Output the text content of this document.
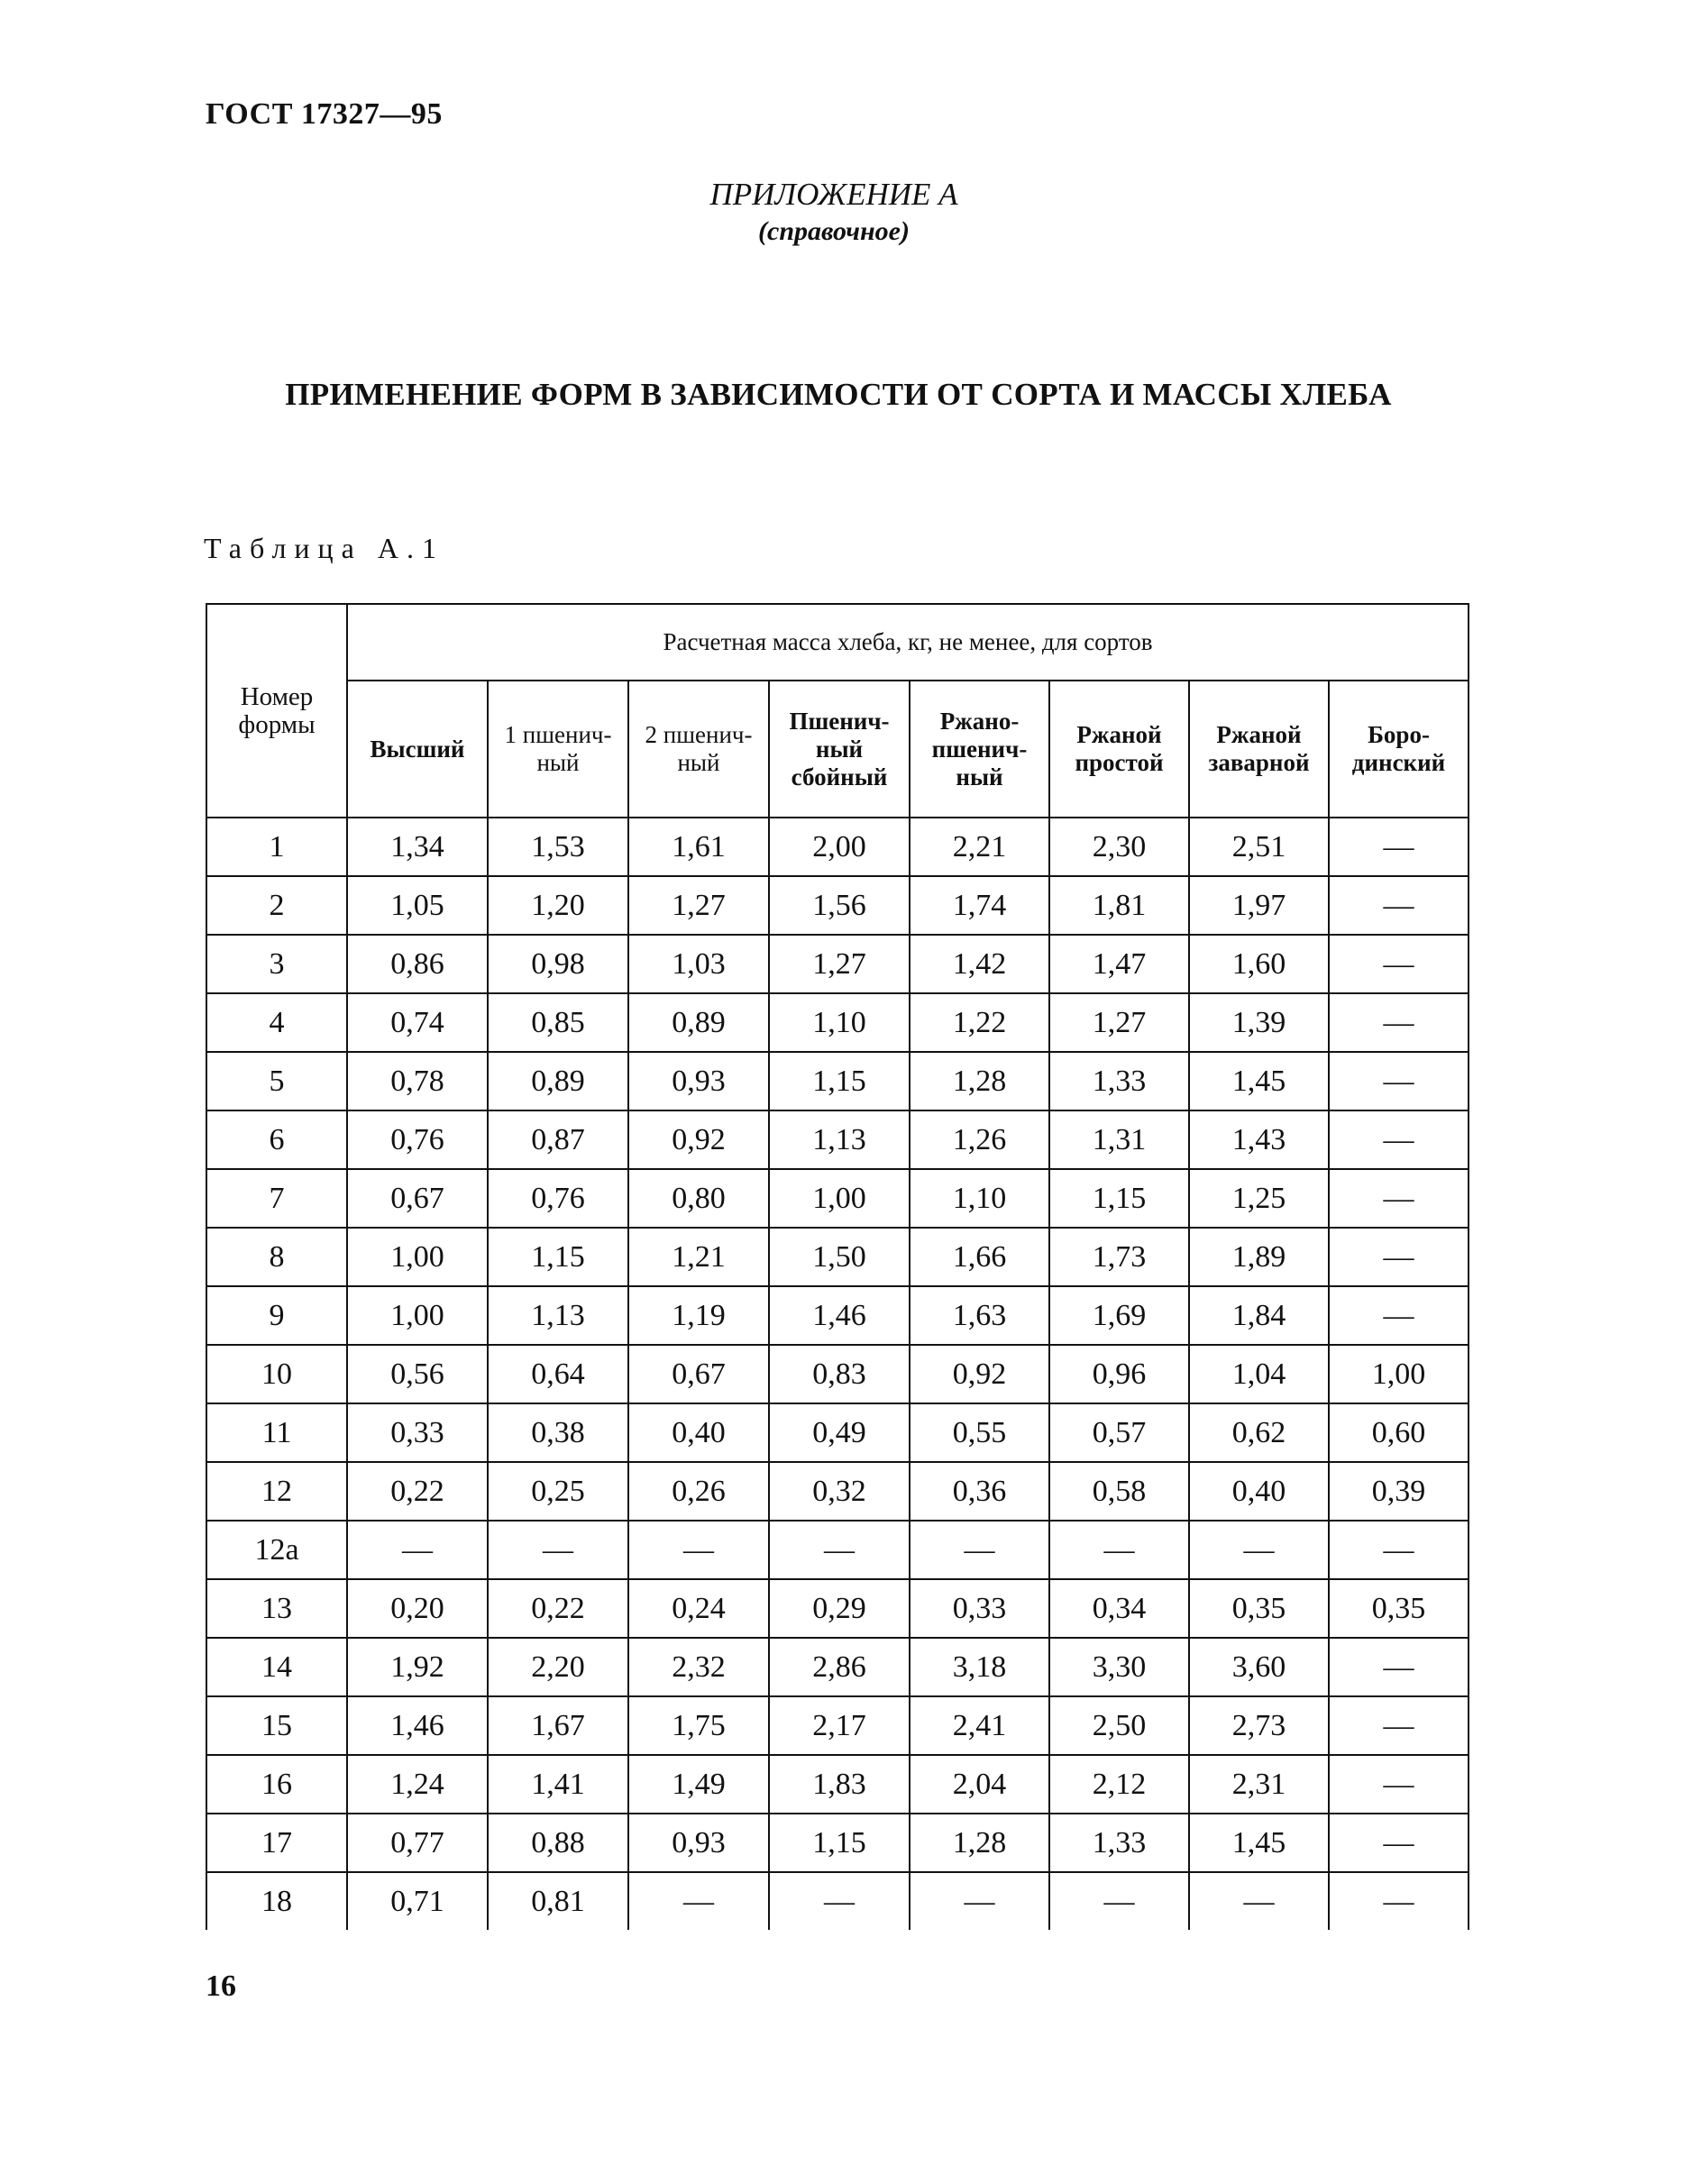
ГОСТ 17327—95
ПРИЛОЖЕНИЕ А
(справочное)
ПРИМЕНЕНИЕ ФОРМ В ЗАВИСИМОСТИ ОТ СОРТА И МАССЫ ХЛЕБА
Таблица А.1
Номер формы	Расчетная масса хлеба, кг, не менее, для сортов							
	Высший	1 пшенич-ный	2 пшенич-ный	Пшенич-ный сбойный	Ржано-пшенич-ный	Ржаной простой	Ржаной заварной	Боро-динский
1	1,34	1,53	1,61	2,00	2,21	2,30	2,51	—
2	1,05	1,20	1,27	1,56	1,74	1,81	1,97	—
3	0,86	0,98	1,03	1,27	1,42	1,47	1,60	—
4	0,74	0,85	0,89	1,10	1,22	1,27	1,39	—
5	0,78	0,89	0,93	1,15	1,28	1,33	1,45	—
6	0,76	0,87	0,92	1,13	1,26	1,31	1,43	—
7	0,67	0,76	0,80	1,00	1,10	1,15	1,25	—
8	1,00	1,15	1,21	1,50	1,66	1,73	1,89	—
9	1,00	1,13	1,19	1,46	1,63	1,69	1,84	—
10	0,56	0,64	0,67	0,83	0,92	0,96	1,04	1,00
11	0,33	0,38	0,40	0,49	0,55	0,57	0,62	0,60
12	0,22	0,25	0,26	0,32	0,36	0,58	0,40	0,39
12а	—	—	—	—	—	—	—	—
13	0,20	0,22	0,24	0,29	0,33	0,34	0,35	0,35
14	1,92	2,20	2,32	2,86	3,18	3,30	3,60	—
15	1,46	1,67	1,75	2,17	2,41	2,50	2,73	—
16	1,24	1,41	1,49	1,83	2,04	2,12	2,31	—
17	0,77	0,88	0,93	1,15	1,28	1,33	1,45	—
18	0,71	0,81	—	—	—	—	—	—
16
